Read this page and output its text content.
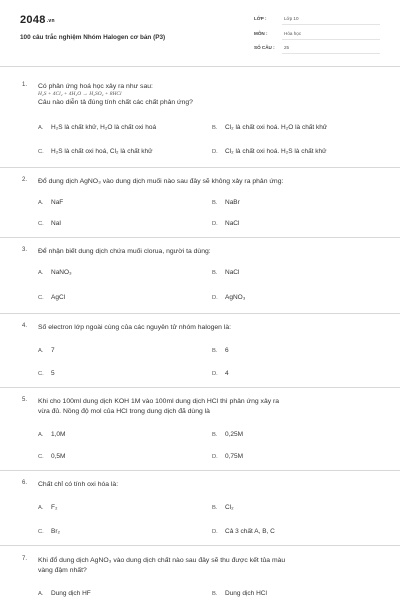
$2048^{.vn}$
100 câu trắc nghiệm Nhóm Halogen cơ bản (P3)
LỚP :	Lớp 10
MÔN :	Hóa học
SỐ CÂU : 25
1. Có phản ứng hoá học xảy ra như sau:
H₂S + 4Cl₂ + 4H₂O → H₂SO₄ + 8HCl
Câu nào diễn tả đúng tính chất các chất phản ứng?
A. H₂S là chất khử, H₂O là chất oxi hoá	B. Cl₂ là chất oxi hoá. H₂O là chất khử
C. H₂S là chất oxi hoá, Cl₂ là chất khử	D. Cl₂ là chất oxi hoá. H₂S là chất khử
2. Đổ dung dịch AgNO₃ vào dung dịch muối nào sau đây sẽ không xảy ra phản ứng:
A. NaF	B. NaBr
C. NaI	D. NaCl
3. Để nhận biết dung dịch chứa muối clorua, người ta dùng:
A. NaNO₃	B. NaCl
C. AgCl	D. AgNO₃
4. Số electron lớp ngoài cùng của các nguyên tử nhóm halogen là:
A. 7	B. 6
C. 5	D. 4
5. Khi cho 100ml dung dịch KOH 1M vào 100ml dung dịch HCl thì phản ứng xảy ra
vừa đủ. Nồng độ mol của HCl trong dung dịch đã dùng là
A. 1,0M	B. 0,25M
C. 0,5M	D. 0,75M
6. Chất chỉ có tính oxi hóa là:
A. F₂	B. Cl₂
C. Br₂	D. Cả 3 chất A, B, C
7. Khi đổ dung dịch AgNO₃ vào dung dịch chất nào sau đây sẽ thu được kết tủa màu
vàng đậm nhất?
A. Dung dịch HF	B. Dung dịch HCl
